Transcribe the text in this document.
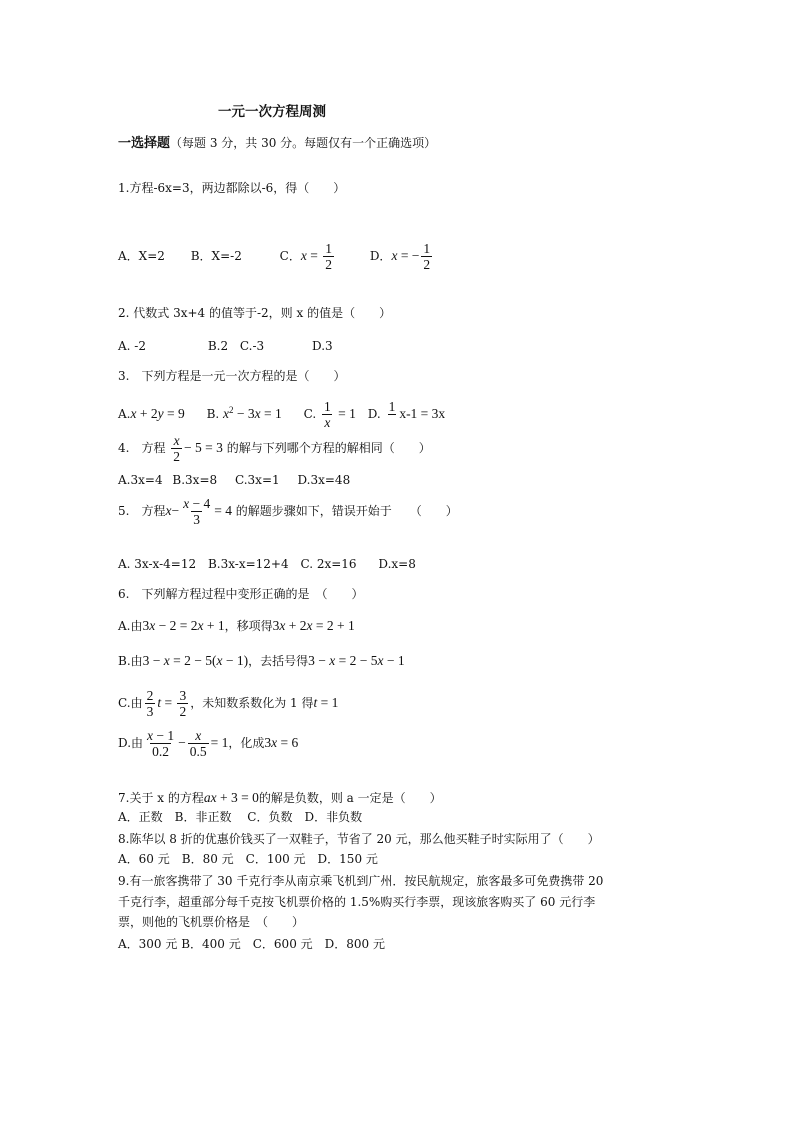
一元一次方程周测
一选择题（每题 3 分，共 30 分。每题仅有一个正确选项）
1.方程-6x=3，两边都除以-6，得（　　）
A．X=2 B．X=-2	C．$x = \frac{1}{2}$	D．x = − $\frac{1}{2}$
2. 代数式 3x+4 的值等于-2，则 x 的值是（　　）
A. -2	B.2 C.-3	D.3
3.　下列方程是一元一次方程的是（　　）
A.x + 2y = 9 B. $x^2 - 3x = 1$ C. $\frac{1}{x} = 1$ D. 1
x-1 = 3x
4.　方程 $\frac{x}{2} - 5 = 3$ 的解与下列哪个方程的解相同（　　）
A.3x=4 B.3x=8 C.3x=1 D.3x=48
5.　方程$x- \frac{x - 4}{3} = 4$ 的解题步骤如下，错误开始于　　（　　）
A. 3x-x-4=12 B.3x-x=12+4 C. 2x=16 D.x=8
6.　下列解方程过程中变形正确的是　（　　）
A.由3x − 2 = 2x + 1，移项得3x + 2x = 2 + 1
B.由3 − x = 2 − 5(x − 1)，去括号得3 − x = 2 − 5x − 1
C.由 $\frac{2}{3}$ $t = \frac{3}{2}$ ，未知数系数化为 1 得t = 1
D.由 $\frac{x - 1}{0.2} - \frac{x}{0.5} = 1$，化成3x = 6
7.关于 x 的方程ax + 3 = 0的解是负数，则 a 一定是（　　）
A．正数　B．非正数　 C．负数　D．非负数
8.陈华以 8 折的优惠价钱买了一双鞋子，节省了 20 元，那么他买鞋子时实际用了（　　）
A．60 元　B．80 元　C．100 元　D．150 元
9.有一旅客携带了 30 千克行李从南京乘飞机到广州．按民航规定，旅客最多可免费携带 20
千克行李，超重部分每千克按飞机票价格的 1.5%购买行李票，现该旅客购买了 60 元行李
票，则他的飞机票价格是　（　　）
A．300 元 B．400 元　C．600 元　D．800 元
